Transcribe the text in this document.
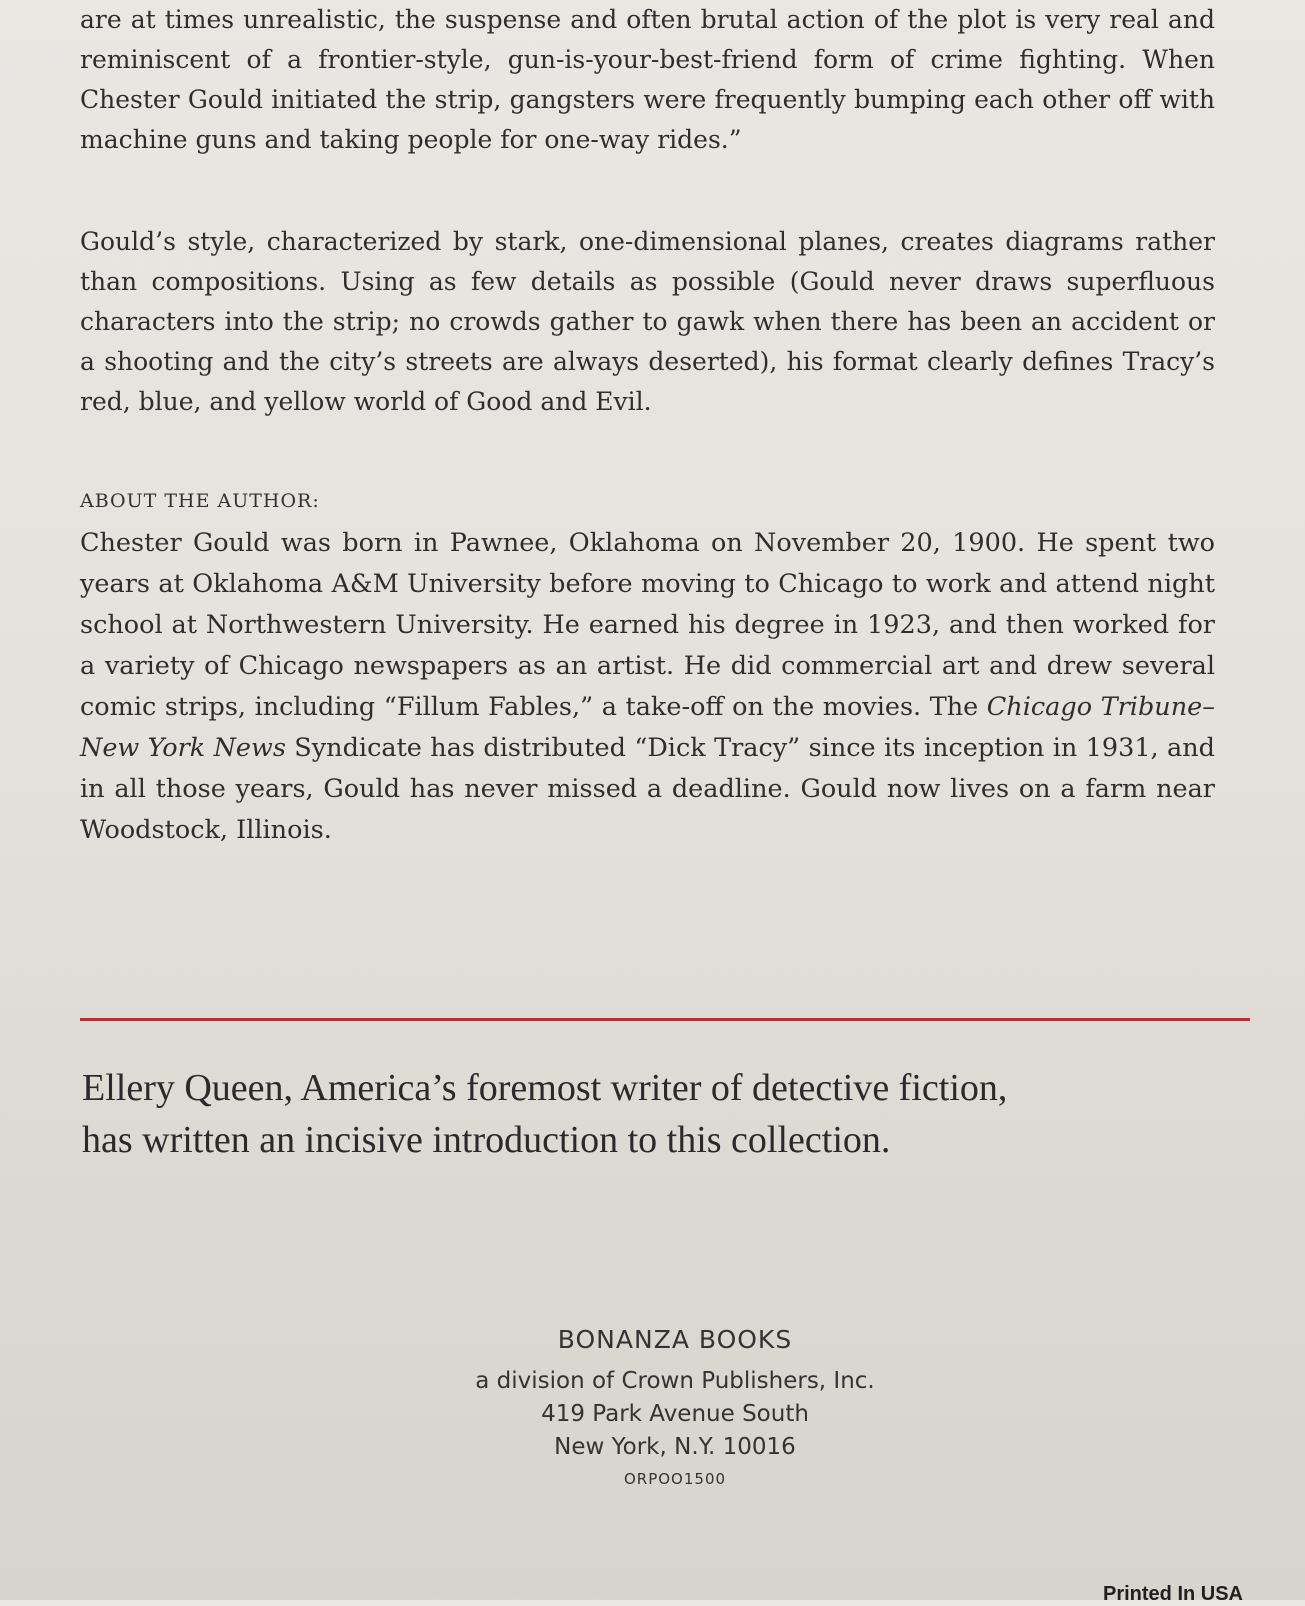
are at times unrealistic, the suspense and often brutal action of the plot is very real and reminiscent of a frontier-style, gun-is-your-best-friend form of crime fighting. When Chester Gould initiated the strip, gangsters were frequently bumping each other off with machine guns and taking people for one-way rides.”

Gould’s style, characterized by stark, one-dimensional planes, creates diagrams rather than compositions. Using as few details as possible (Gould never draws superfluous characters into the strip; no crowds gather to gawk when there has been an accident or a shooting and the city’s streets are always deserted), his format clearly defines Tracy’s red, blue, and yellow world of Good and Evil.

ABOUT THE AUTHOR:

Chester Gould was born in Pawnee, Oklahoma on November 20, 1900. He spent two years at Oklahoma A&M University before moving to Chicago to work and attend night school at Northwestern University. He earned his degree in 1923, and then worked for a variety of Chicago newspapers as an artist. He did commercial art and drew several comic strips, including “Fillum Fables,” a take-off on the movies. The Chicago Tribune–New York News Syndicate has distributed “Dick Tracy” since its inception in 1931, and in all those years, Gould has never missed a deadline. Gould now lives on a farm near Woodstock, Illinois.

Ellery Queen, America’s foremost writer of detective fiction,
has written an incisive introduction to this collection.

BONANZA BOOKS

a division of Crown Publishers, Inc.

419 Park Avenue South

New York, N.Y. 10016

ORPOO1500

Printed In USA
